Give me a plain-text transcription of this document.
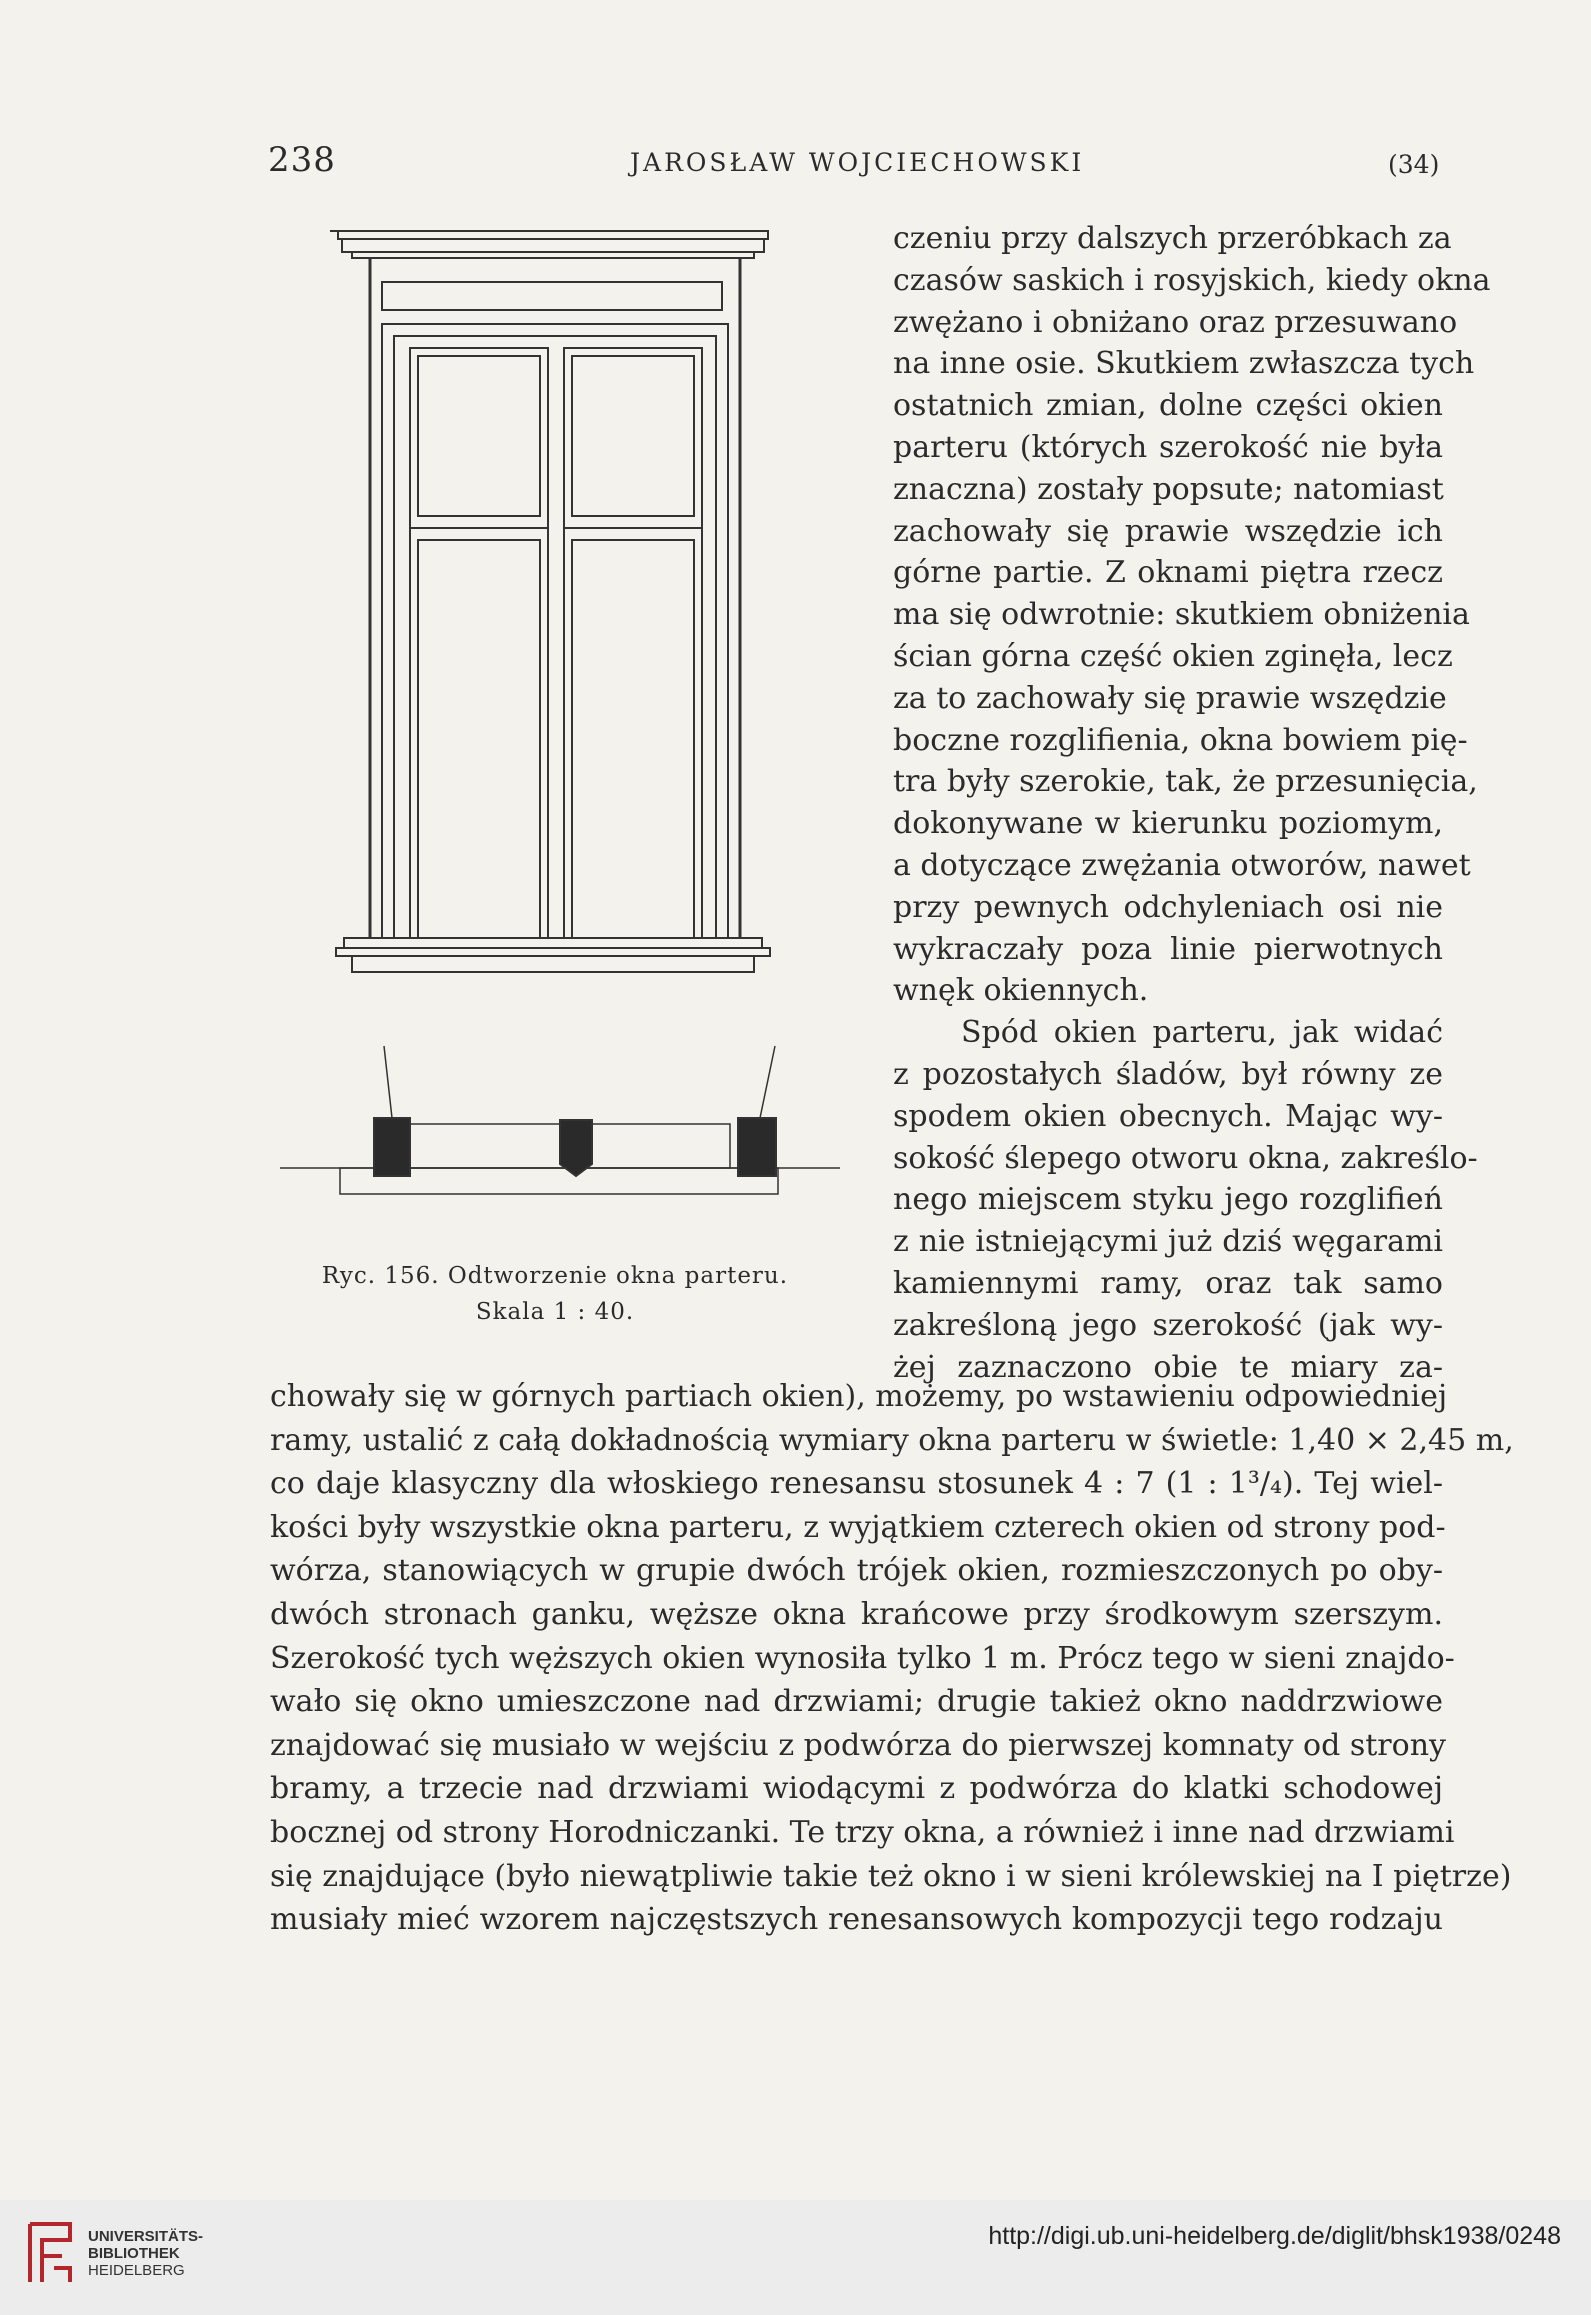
238	JAROSŁAW WOJCIECHOWSKI	(34)
Ryc. 156. Odtworzenie okna parteru.
Skala 1 : 40.

czeniu przy dalszych przeróbkach za
czasów saskich i rosyjskich, kiedy okna
zwężano i obniżano oraz przesuwano
na inne osie. Skutkiem zwłaszcza tych
ostatnich zmian, dolne części okien
parteru (których szerokość nie była
znaczna) zostały popsute; natomiast
zachowały się prawie wszędzie ich
górne partie. Z oknami piętra rzecz
ma się odwrotnie: skutkiem obniżenia
ścian górna część okien zginęła, lecz
za to zachowały się prawie wszędzie
boczne rozglifienia, okna bowiem pię-
tra były szerokie, tak, że przesunięcia,
dokonywane w kierunku poziomym,
a dotyczące zwężania otworów, nawet
przy pewnych odchyleniach osi nie
wykraczały poza linie pierwotnych
wnęk okiennych.

Spód okien parteru, jak widać
z pozostałych śladów, był równy ze
spodem okien obecnych. Mając wy-
sokość ślepego otworu okna, zakreślo-
nego miejscem styku jego rozglifień
z nie istniejącymi już dziś węgarami
kamiennymi ramy, oraz tak samo
zakreśloną jego szerokość (jak wy-
żej zaznaczono obie te miary za-

chowały się w górnych partiach okien), możemy, po wstawieniu odpowiedniej
ramy, ustalić z całą dokładnością wymiary okna parteru w świetle: 1,40 × 2,45 m,
co daje klasyczny dla włoskiego renesansu stosunek 4 : 7 (1 : 1³/₄). Tej wiel-
kości były wszystkie okna parteru, z wyjątkiem czterech okien od strony pod-
wórza, stanowiących w grupie dwóch trójek okien, rozmieszczonych po oby-
dwóch stronach ganku, węższe okna krańcowe przy środkowym szerszym.
Szerokość tych węższych okien wynosiła tylko 1 m. Prócz tego w sieni znajdo-
wało się okno umieszczone nad drzwiami; drugie takież okno naddrzwiowe
znajdować się musiało w wejściu z podwórza do pierwszej komnaty od strony
bramy, a trzecie nad drzwiami wiodącymi z podwórza do klatki schodowej
bocznej od strony Horodniczanki. Te trzy okna, a również i inne nad drzwiami
się znajdujące (było niewątpliwie takie też okno i w sieni królewskiej na I piętrze)
musiały mieć wzorem najczęstszych renesansowych kompozycji tego rodzaju

UNIVERSITÄTS-
BIBLIOTHEK
HEIDELBERG
http://digi.ub.uni-heidelberg.de/diglit/bhsk1938/0248
